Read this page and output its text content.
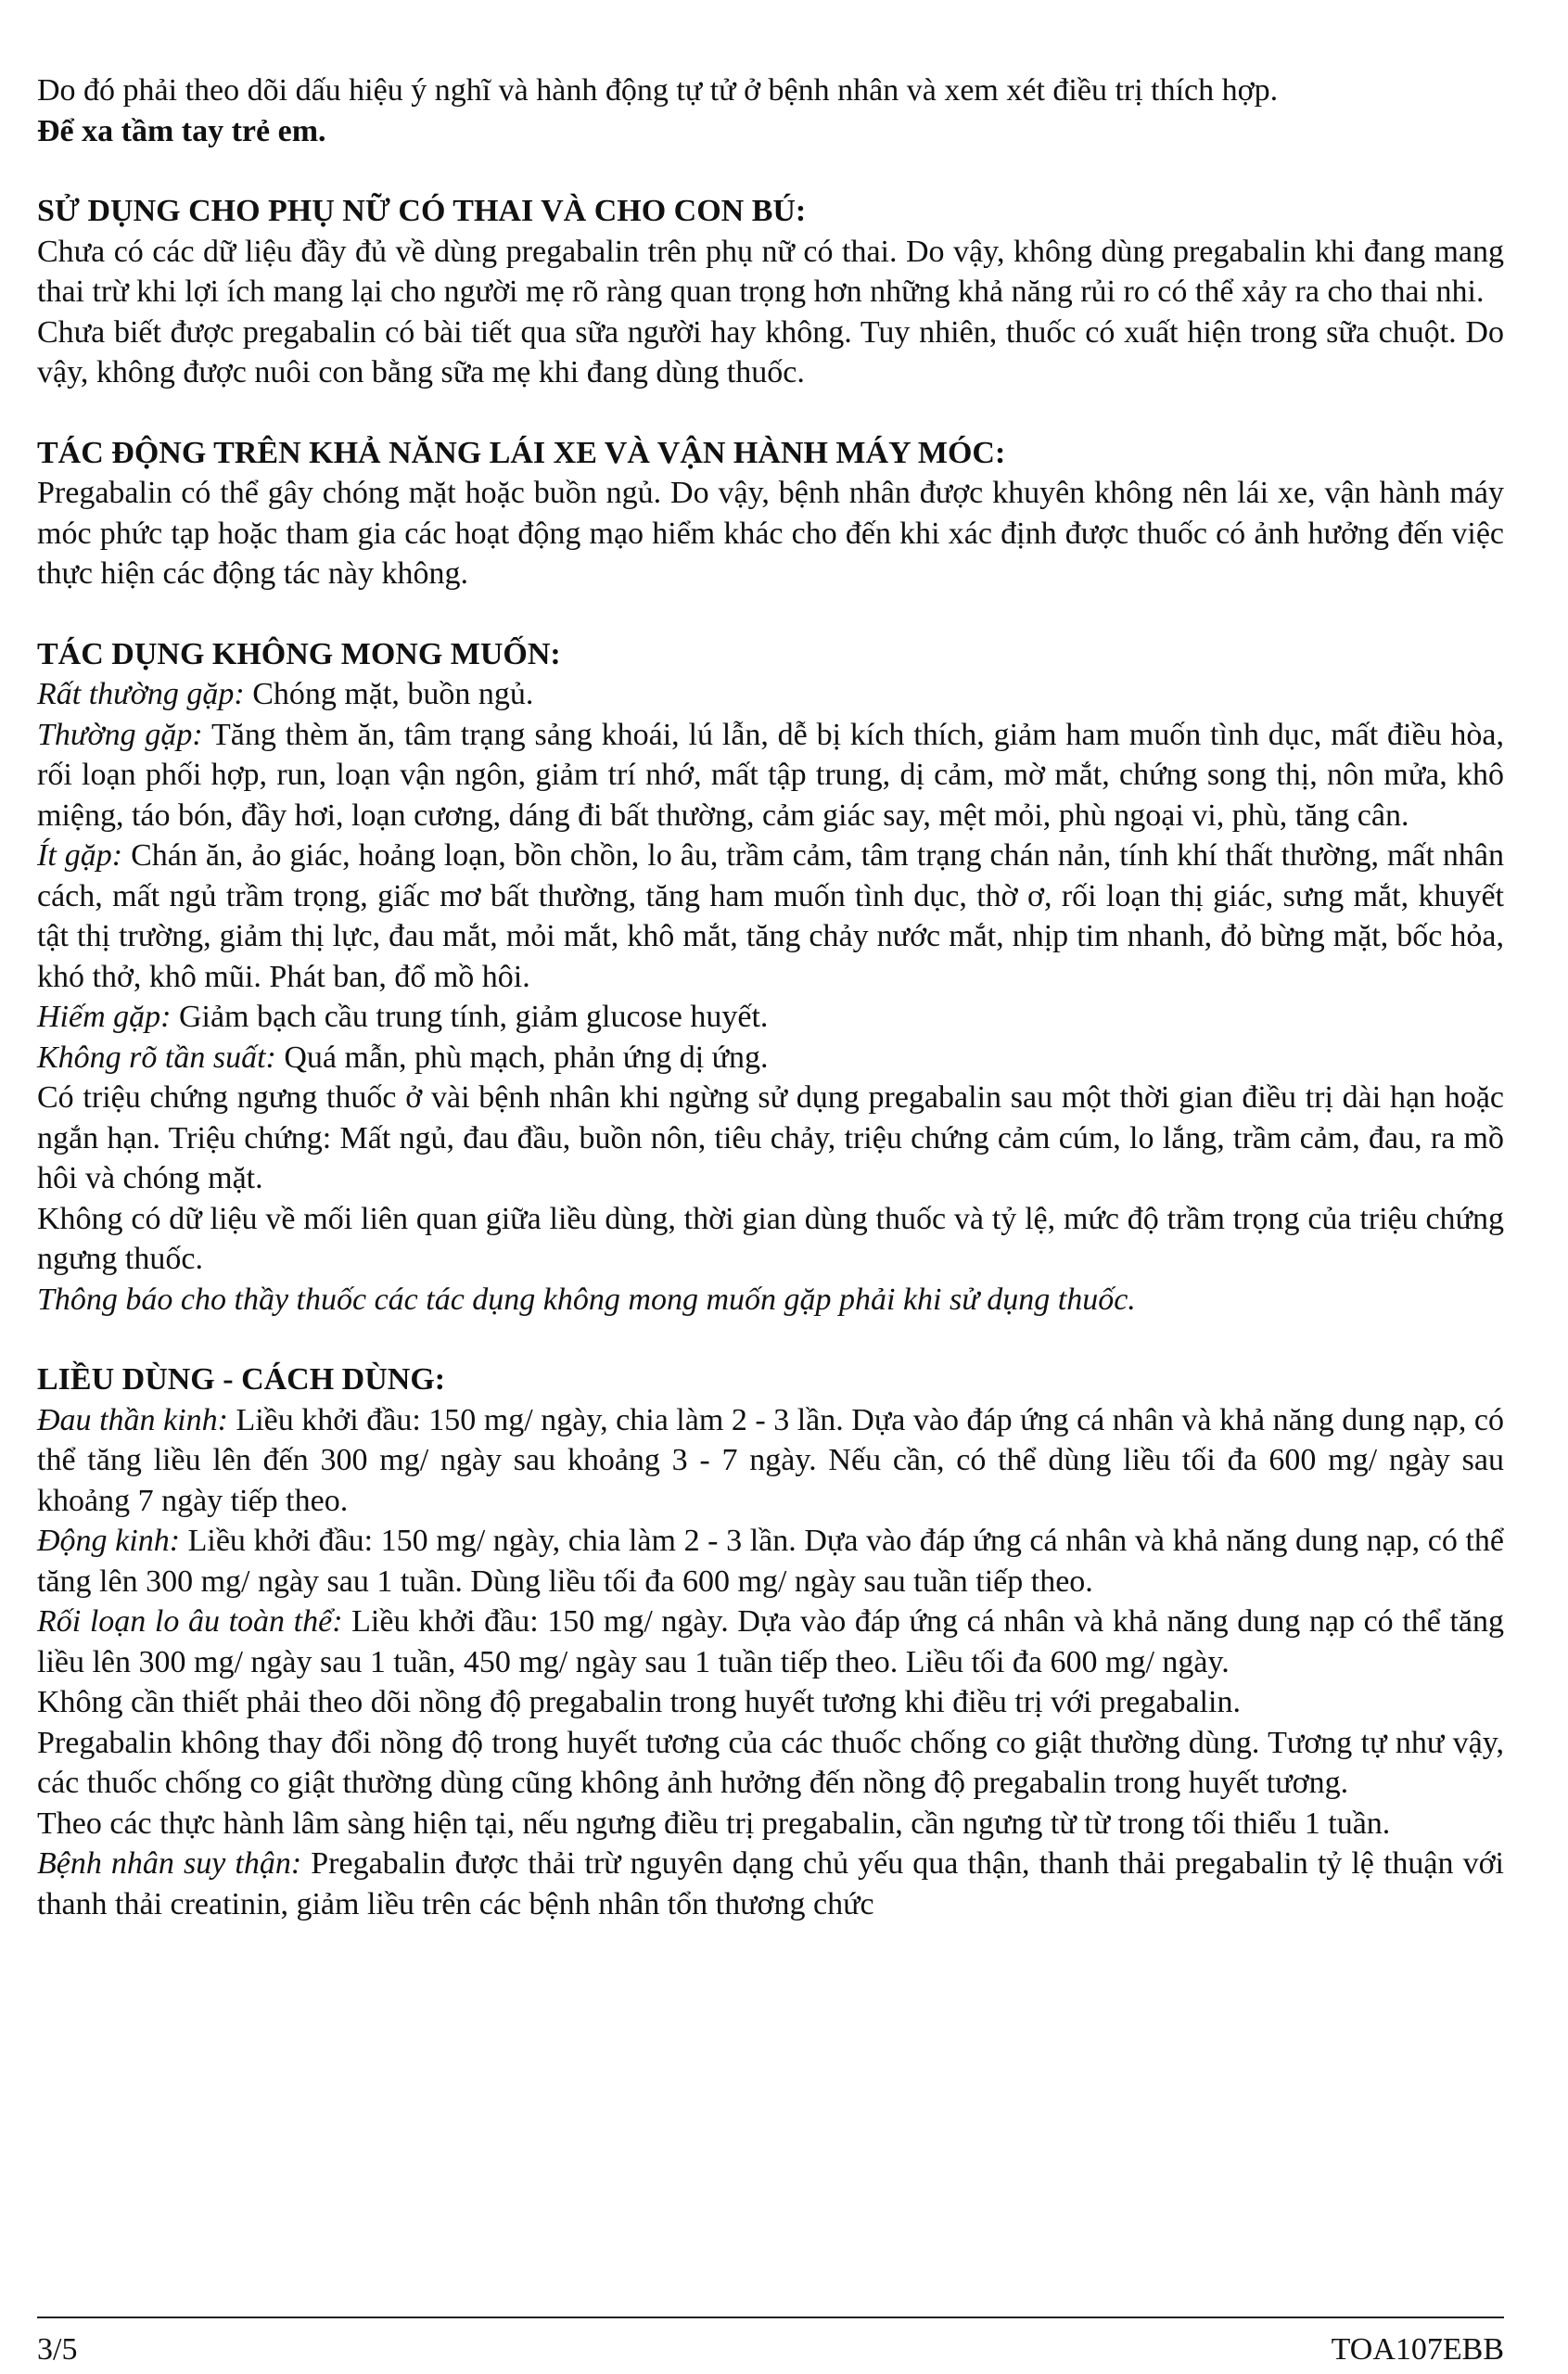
Do đó phải theo dõi dấu hiệu ý nghĩ và hành động tự tử ở bệnh nhân và xem xét điều trị thích hợp.

Để xa tầm tay trẻ em.

SỬ DỤNG CHO PHỤ NỮ CÓ THAI VÀ CHO CON BÚ:

Chưa có các dữ liệu đầy đủ về dùng pregabalin trên phụ nữ có thai. Do vậy, không dùng pregabalin khi đang mang thai trừ khi lợi ích mang lại cho người mẹ rõ ràng quan trọng hơn những khả năng rủi ro có thể xảy ra cho thai nhi.

Chưa biết được pregabalin có bài tiết qua sữa người hay không. Tuy nhiên, thuốc có xuất hiện trong sữa chuột. Do vậy, không được nuôi con bằng sữa mẹ khi đang dùng thuốc.

TÁC ĐỘNG TRÊN KHẢ NĂNG LÁI XE VÀ VẬN HÀNH MÁY MÓC:

Pregabalin có thể gây chóng mặt hoặc buồn ngủ. Do vậy, bệnh nhân được khuyên không nên lái xe, vận hành máy móc phức tạp hoặc tham gia các hoạt động mạo hiểm khác cho đến khi xác định được thuốc có ảnh hưởng đến việc thực hiện các động tác này không.

TÁC DỤNG KHÔNG MONG MUỐN:

Rất thường gặp: Chóng mặt, buồn ngủ.

Thường gặp: Tăng thèm ăn, tâm trạng sảng khoái, lú lẫn, dễ bị kích thích, giảm ham muốn tình dục, mất điều hòa, rối loạn phối hợp, run, loạn vận ngôn, giảm trí nhớ, mất tập trung, dị cảm, mờ mắt, chứng song thị, nôn mửa, khô miệng, táo bón, đầy hơi, loạn cương, dáng đi bất thường, cảm giác say, mệt mỏi, phù ngoại vi, phù, tăng cân.

Ít gặp: Chán ăn, ảo giác, hoảng loạn, bồn chồn, lo âu, trầm cảm, tâm trạng chán nản, tính khí thất thường, mất nhân cách, mất ngủ trầm trọng, giấc mơ bất thường, tăng ham muốn tình dục, thờ ơ, rối loạn thị giác, sưng mắt, khuyết tật thị trường, giảm thị lực, đau mắt, mỏi mắt, khô mắt, tăng chảy nước mắt, nhịp tim nhanh, đỏ bừng mặt, bốc hỏa, khó thở, khô mũi. Phát ban, đổ mồ hôi.

Hiếm gặp: Giảm bạch cầu trung tính, giảm glucose huyết.

Không rõ tần suất: Quá mẫn, phù mạch, phản ứng dị ứng.

Có triệu chứng ngưng thuốc ở vài bệnh nhân khi ngừng sử dụng pregabalin sau một thời gian điều trị dài hạn hoặc ngắn hạn. Triệu chứng: Mất ngủ, đau đầu, buồn nôn, tiêu chảy, triệu chứng cảm cúm, lo lắng, trầm cảm, đau, ra mồ hôi và chóng mặt.

Không có dữ liệu về mối liên quan giữa liều dùng, thời gian dùng thuốc và tỷ lệ, mức độ trầm trọng của triệu chứng ngưng thuốc.

Thông báo cho thầy thuốc các tác dụng không mong muốn gặp phải khi sử dụng thuốc.

LIỀU DÙNG - CÁCH DÙNG:

Đau thần kinh: Liều khởi đầu: 150 mg/ ngày, chia làm 2 - 3 lần. Dựa vào đáp ứng cá nhân và khả năng dung nạp, có thể tăng liều lên đến 300 mg/ ngày sau khoảng 3 - 7 ngày. Nếu cần, có thể dùng liều tối đa 600 mg/ ngày sau khoảng 7 ngày tiếp theo.

Động kinh: Liều khởi đầu: 150 mg/ ngày, chia làm 2 - 3 lần. Dựa vào đáp ứng cá nhân và khả năng dung nạp, có thể tăng lên 300 mg/ ngày sau 1 tuần. Dùng liều tối đa 600 mg/ ngày sau tuần tiếp theo.

Rối loạn lo âu toàn thể: Liều khởi đầu: 150 mg/ ngày. Dựa vào đáp ứng cá nhân và khả năng dung nạp có thể tăng liều lên 300 mg/ ngày sau 1 tuần, 450 mg/ ngày sau 1 tuần tiếp theo. Liều tối đa 600 mg/ ngày.

Không cần thiết phải theo dõi nồng độ pregabalin trong huyết tương khi điều trị với pregabalin.

Pregabalin không thay đổi nồng độ trong huyết tương của các thuốc chống co giật thường dùng. Tương tự như vậy, các thuốc chống co giật thường dùng cũng không ảnh hưởng đến nồng độ pregabalin trong huyết tương.

Theo các thực hành lâm sàng hiện tại, nếu ngưng điều trị pregabalin, cần ngưng từ từ trong tối thiểu 1 tuần.

Bệnh nhân suy thận: Pregabalin được thải trừ nguyên dạng chủ yếu qua thận, thanh thải pregabalin tỷ lệ thuận với thanh thải creatinin, giảm liều trên các bệnh nhân tổn thương chức

3/5	TOA107EBB
